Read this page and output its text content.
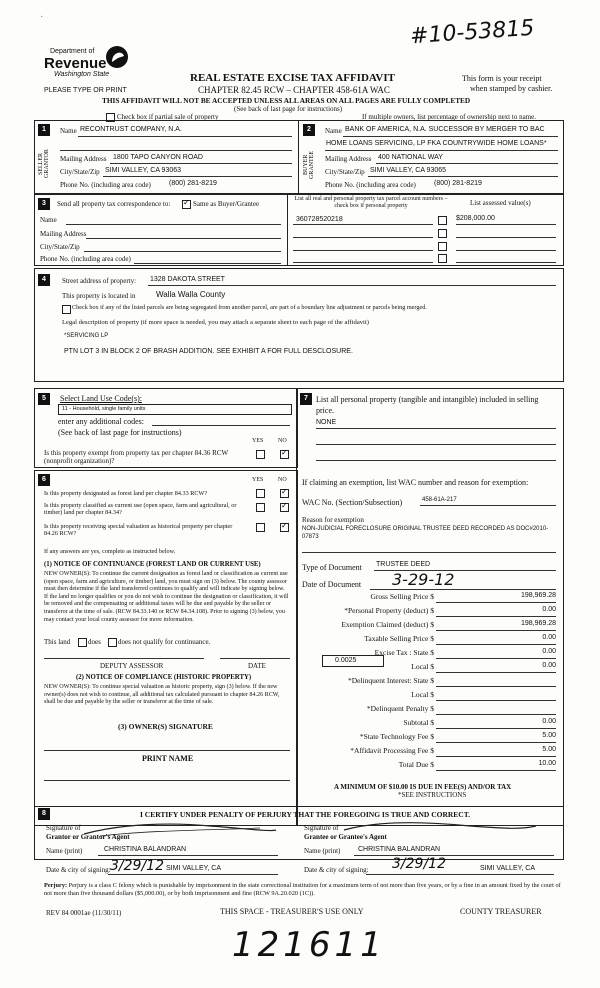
#10-53815
·
Department of
Revenue
Washington State
PLEASE TYPE OR PRINT
REAL ESTATE EXCISE TAX AFFIDAVIT
CHAPTER 82.45 RCW – CHAPTER 458-61A WAC
This form is your receipt
when stamped by cashier.
THIS AFFIDAVIT WILL NOT BE ACCEPTED UNLESS ALL AREAS ON ALL PAGES ARE FULLY COMPLETED
(See back of last page for instructions)
Check box if partial sale of property	If multiple owners, list percentage of ownership next to name.
1
SELLER GRANTOR
Name RECONTRUST COMPANY, N.A.
Mailing Address 1800 TAPO CANYON ROAD
City/State/Zip SIMI VALLEY, CA 93063
Phone No. (including area code)	(800) 281-8219
2
BUYER GRANTEE
Name BANK OF AMERICA, N.A. SUCCESSOR BY MERGER TO BAC
HOME LOANS SERVICING, LP FKA COUNTRYWIDE HOME LOANS*
Mailing Address 400 NATIONAL WAY
City/State/Zip SIMI VALLEY, CA 93065
Phone No. (including area code)	(800) 281-8219
3	Send all property tax correspondence to: ✓	Same as Buyer/Grantee
Name
Mailing Address
City/State/Zip
Phone No. (including area code)
List all real and personal property tax parcel account numbers – check box if personal property	List assessed value(s)
360728520218	$208,000.00
4	Street address of property: 1328 DAKOTA STREET
This property is located in	Walla Walla County
Check box if any of the listed parcels are being segregated from another parcel, are part of a boundary line adjustment or parcels being merged.
Legal description of property (if more space is needed, you may attach a separate sheet to each page of the affidavit)
*SERVICING LP
PTN LOT 3 IN BLOCK 2 OF BRASH ADDITION. SEE EXHIBIT A FOR FULL DESCLOSURE.
5	Select Land Use Code(s):
11 - Household, single family units
enter any additional codes:
(See back of last page for instructions)
YES NO
Is this property exempt from property tax per chapter 84.36 RCW (nonprofit organization)?
✓
6	YES NO
Is this property designated as forest land per chapter 84.33 RCW?
✓
Is this property classified as current use (open space, farm and agricultural, or timber) land per chapter 84.34?
✓
Is this property receiving special valuation as historical property per chapter 84.26 RCW?
✓
If any answers are yes, complete as instructed below.
(1) NOTICE OF CONTINUANCE (FOREST LAND OR CURRENT USE)
NEW OWNER(S): To continue the current designation as forest land or classification as current use (open space, farm and agriculture, or timber) land, you must sign on (3) below. The county assessor must then determine if the land transferred continues to qualify and will indicate by signing below. If the land no longer qualifies or you do not wish to continue the designation or classification, it will be removed and the compensating or additional taxes will be due and payable by the seller or transferor at the time of sale. (RCW 84.33.140 or RCW 84.34.108). Prior to signing (3) below, you may contact your local county assessor for more information.
This land	does does not qualify for continuance.
DEPUTY ASSESSOR	DATE
(2) NOTICE OF COMPLIANCE (HISTORIC PROPERTY)
NEW OWNER(S): To continue special valuation as historic property, sign (3) below. If the new owner(s) does not wish to continue, all additional tax calculated pursuant to chapter 84.26 RCW, shall be due and payable by the seller or transferor at the time of sale.
(3) OWNER(S) SIGNATURE
PRINT NAME
7	List all personal property (tangible and intangible) included in selling price.
NONE
If claiming an exemption, list WAC number and reason for exemption:
WAC No. (Section/Subsection)	458-61A-217
Reason for exemption
NON-JUDICIAL FORECLOSURE ORIGINAL TRUSTEE DEED RECORDED AS DOC#2010-07873
Type of Document TRUSTEE DEED
Date of Document 3-29-12
Gross Selling Price $	198,969.28
*Personal Property (deduct) $	0.00
Exemption Claimed (deduct) $	198,969.28
Taxable Selling Price $	0.00
Excise Tax : State $	0.00
Local $	0.00
*Delinquent Interest: State $
Local $
*Delinquent Penalty $
Subtotal $	0.00
*State Technology Fee $	5.00
*Affidavit Processing Fee $	5.00
Total Due $	10.00
0.0025
A MINIMUM OF $10.00 IS DUE IN FEE(S) AND/OR TAX
*SEE INSTRUCTIONS
8	I CERTIFY UNDER PENALTY OF PERJURY THAT THE FOREGOING IS TRUE AND CORRECT.
Signature of
Grantor or Grantor's Agent
Name (print)	CHRISTINA BALANDRAN
Date & city of signing: 3/29/12 SIMI VALLEY, CA
Signature of
Grantee or Grantee's Agent
Name (print)	CHRISTINA BALANDRAN
Date & city of signing: 3/29/12	SIMI VALLEY, CA
Perjury: Perjury is a class C felony which is punishable by imprisonment in the state correctional institution for a maximum term of not more than five years, or by a fine in an amount fixed by the court of not more than five thousand dollars ($5,000.00), or by both imprisonment and fine (RCW 9A.20.020 (1C)).
REV 84 0001ae (11/30/11)	THIS SPACE - TREASURER'S USE ONLY	COUNTY TREASURER
121611
